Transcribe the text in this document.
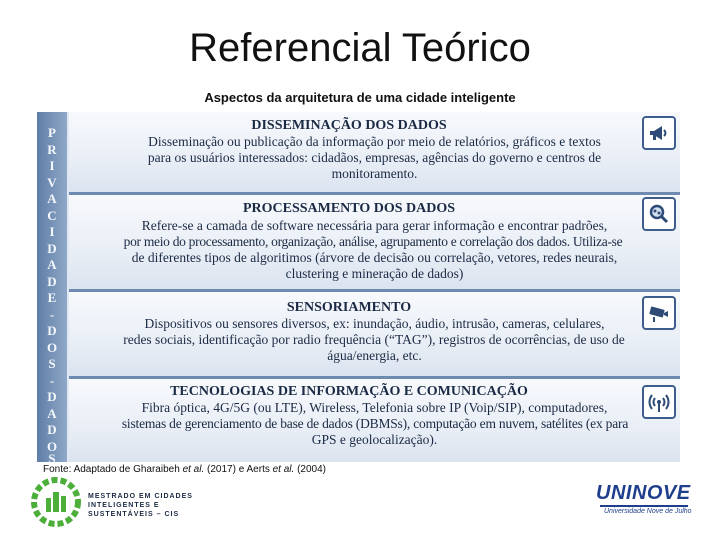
Referencial Teórico
Aspectos da arquitetura de uma cidade inteligente
P
R
I
V
A
C
I
D
A
D
E
-
D
O
S
-
D
A
D
O
S
DISSEMINAÇÃO DOS DADOS
Disseminação ou publicação da informação por meio de relatórios, gráficos e textos
para os usuários interessados: cidadãos, empresas, agências do governo e centros de
monitoramento.
PROCESSAMENTO DOS DADOS
Refere-se a camada de software necessária para gerar informação e encontrar padrões,
por meio do processamento, organização, análise, agrupamento e correlação dos dados. Utiliza-se
de diferentes tipos de algoritimos (árvore de decisão ou correlação, vetores, redes neurais,
clustering e mineração de dados)
SENSORIAMENTO
Dispositivos ou sensores diversos, ex: inundação, áudio, intrusão, cameras, celulares,
redes sociais, identificação por radio frequência (“TAG”), registros de ocorrências, de uso de
água/energia, etc.
TECNOLOGIAS DE INFORMAÇÃO E COMUNICAÇÃO
Fibra óptica, 4G/5G (ou LTE), Wireless, Telefonia sobre IP (Voip/SIP), computadores,
sistemas de gerenciamento de base de dados (DBMSs), computação em nuvem, satélites (ex para
GPS e geolocalização).
Fonte: Adaptado de Gharaibeh et al. (2017) e Aerts et al. (2004)
MESTRADO EM CIDADES
INTELIGENTES E
SUSTENTÁVEIS – CIS
UNINOVE
Universidade Nove de Julho
